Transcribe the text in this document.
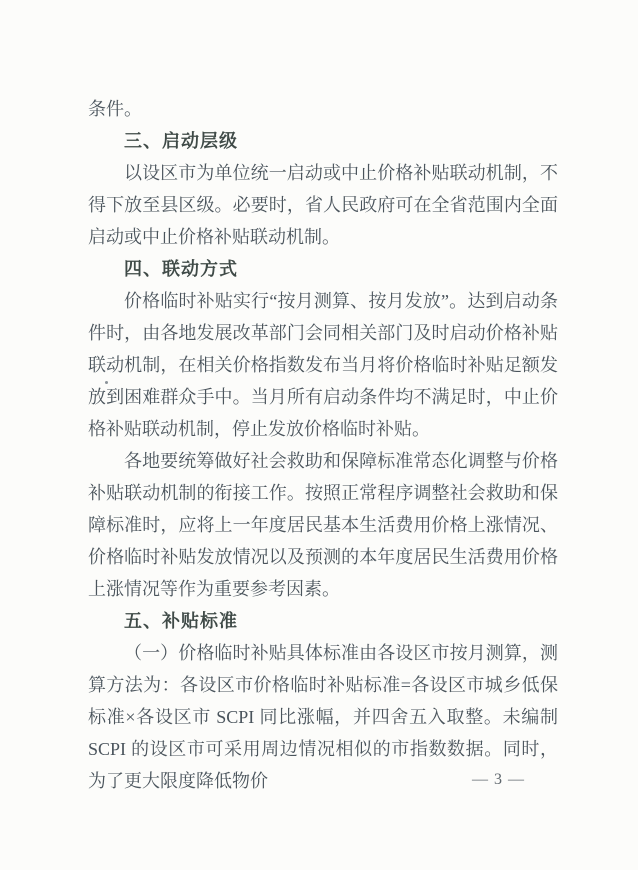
条件。

三、启动层级

以设区市为单位统一启动或中止价格补贴联动机制，不得下放至县区级。必要时，省人民政府可在全省范围内全面启动或中止价格补贴联动机制。

四、联动方式

价格临时补贴实行“按月测算、按月发放”。达到启动条件时，由各地发展改革部门会同相关部门及时启动价格补贴联动机制，在相关价格指数发布当月将价格临时补贴足额发放到困难群众手中。当月所有启动条件均不满足时，中止价格补贴联动机制，停止发放价格临时补贴。

各地要统筹做好社会救助和保障标准常态化调整与价格补贴联动机制的衔接工作。按照正常程序调整社会救助和保障标准时，应将上一年度居民基本生活费用价格上涨情况、价格临时补贴发放情况以及预测的本年度居民生活费用价格上涨情况等作为重要参考因素。

五、补贴标准

（一）价格临时补贴具体标准由各设区市按月测算，测算方法为：各设区市价格临时补贴标准=各设区市城乡低保标准×各设区市 SCPI 同比涨幅，并四舍五入取整。未编制 SCPI 的设区市可采用周边情况相似的市指数数据。同时，为了更大限度降低物价	— 3 —
